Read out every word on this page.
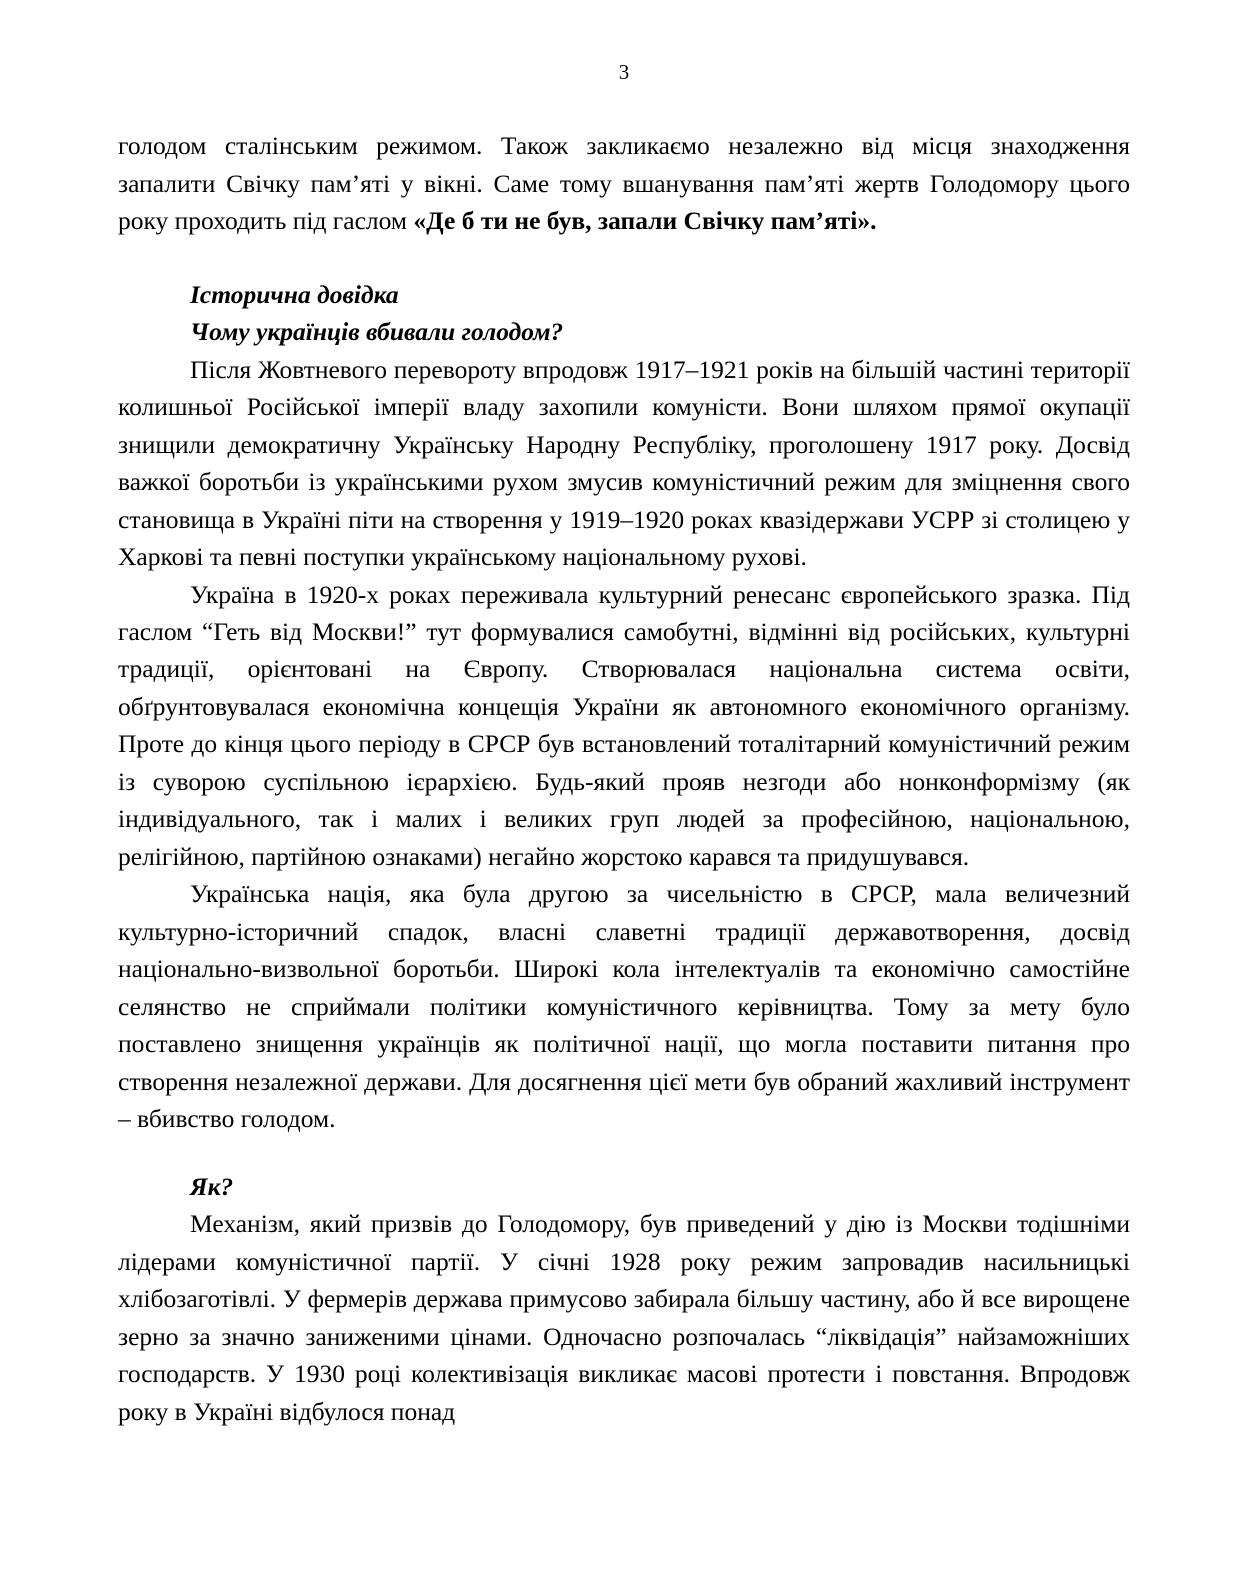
3

голодом сталінським режимом. Також закликаємо незалежно від місця знаходження запалити Свічку пам’яті у вікні. Саме тому вшанування пам’яті жертв Голодомору цього року проходить під гаслом «Де б ти не був, запали Свічку пам’яті».

Історична довідка

Чому українців вбивали голодом?

Після Жовтневого перевороту впродовж 1917–1921 років на більшій частині території колишньої Російської імперії владу захопили комуністи. Вони шляхом прямої окупації знищили демократичну Українську Народну Республіку, проголошену 1917 року. Досвід важкої боротьби із українськими рухом змусив комуністичний режим для зміцнення свого становища в Україні піти на створення у 1919–1920 роках квазідержави УСРР зі столицею у Харкові та певні поступки українському національному рухові.

Україна в 1920-х роках переживала культурний ренесанс європейського зразка. Під гаслом “Геть від Москви!” тут формувалися самобутні, відмінні від російських, культурні традиції, орієнтовані на Європу. Створювалася національна система освіти, обґрунтовувалася економічна концещія України як автономного економічного організму. Проте до кінця цього періоду в СРСР був встановлений тоталітарний комуністичний режим із суворою суспільною ієрархією. Будь-який прояв незгоди або нонконформізму (як індивідуального, так і малих і великих груп людей за професійною, національною, релігійною, партійною ознаками) негайно жорстоко карався та придушувався.

Українська нація, яка була другою за чисельністю в СРСР, мала величезний культурно-історичний спадок, власні славетні традиції державотворення, досвід національно-визвольної боротьби. Широкі кола інтелектуалів та економічно самостійне селянство не сприймали політики комуністичного керівництва. Тому за мету було поставлено знищення українців як політичної нації, що могла поставити питання про створення незалежної держави. Для досягнення цієї мети був обраний жахливий інструмент – вбивство голодом.

Як?

Механізм, який призвів до Голодомору, був приведений у дію із Москви тодішніми лідерами комуністичної партії. У січні 1928 року режим запровадив насильницькі хлібозаготівлі. У фермерів держава примусово забирала більшу частину, або й все вирощене зерно за значно заниженими цінами. Одночасно розпочалась “ліквідація” найзаможніших господарств. У 1930 році колективізація викликає масові протести і повстання. Впродовж року в Україні відбулося понад
